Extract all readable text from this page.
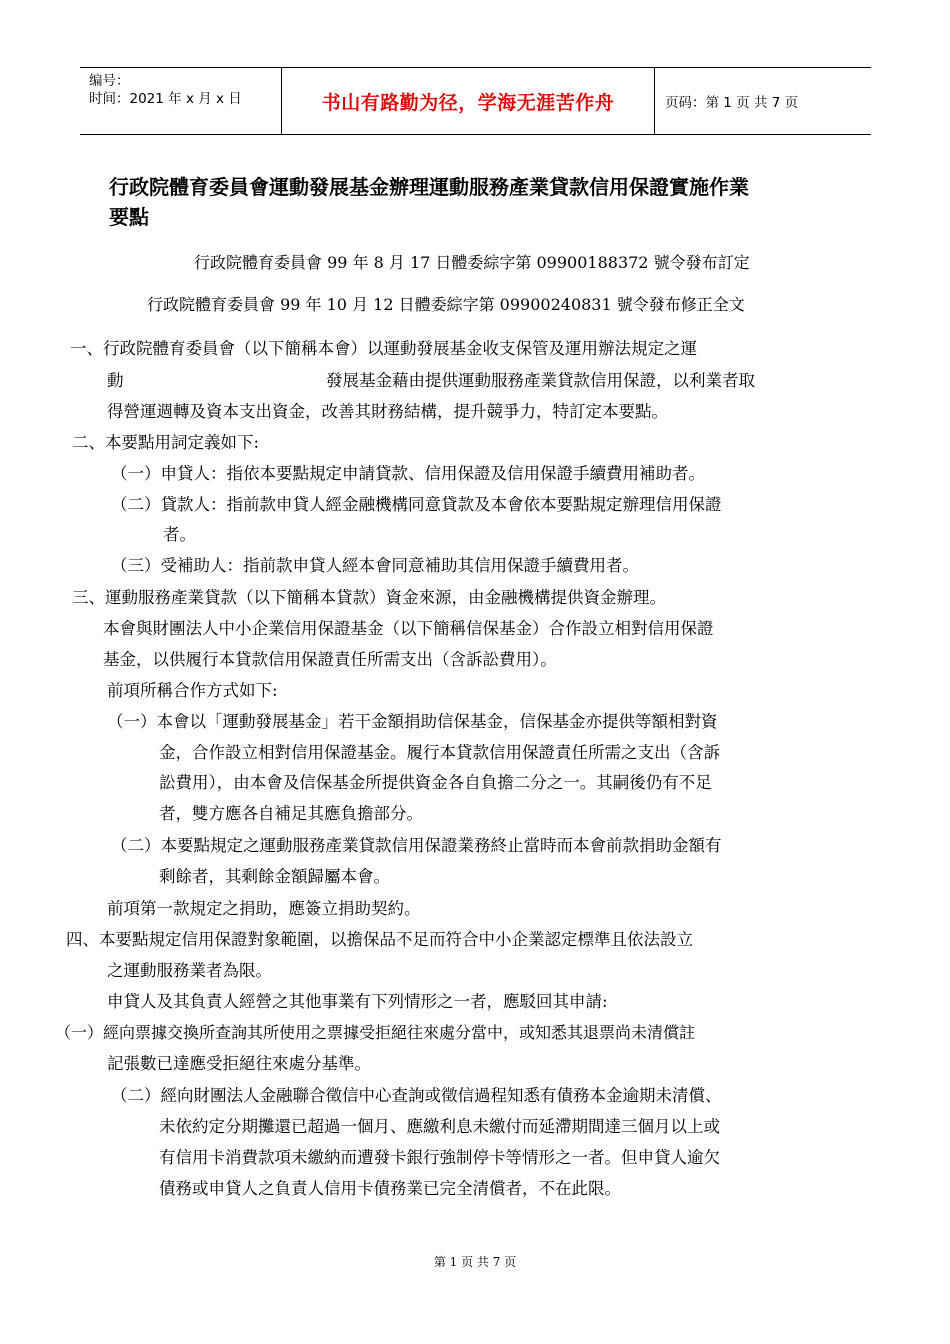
编号：
时间：2021 年 x 月 x 日	书山有路勤为径，学海无涯苦作舟	页码：第 1 页 共 7 页
行政院體育委員會運動發展基金辦理運動服務產業貸款信用保證實施作業
要點
行政院體育委員會 99 年 8 月 17 日體委綜字第 09900188372 號令發布訂定
行政院體育委員會 99 年 10 月 12 日體委綜字第 09900240831 號令發布修正全文
一、行政院體育委員會（以下簡稱本會）以運動發展基金收支保管及運用辦法規定之運
動	發展基金藉由提供運動服務產業貸款信用保證，以利業者取
得營運週轉及資本支出資金，改善其財務結構，提升競爭力，特訂定本要點。
二、本要點用詞定義如下:
（一）申貸人：指依本要點規定申請貸款、信用保證及信用保證手續費用補助者。
（二）貸款人：指前款申貸人經金融機構同意貸款及本會依本要點規定辦理信用保證
者。
（三）受補助人：指前款申貸人經本會同意補助其信用保證手續費用者。
三、運動服務產業貸款（以下簡稱本貸款）資金來源，由金融機構提供資金辦理。
本會與財團法人中小企業信用保證基金（以下簡稱信保基金）合作設立相對信用保證
基金，以供履行本貸款信用保證責任所需支出（含訴訟費用）。
前項所稱合作方式如下:
（一）本會以「運動發展基金」若干金額捐助信保基金，信保基金亦提供等額相對資
金，合作設立相對信用保證基金。履行本貸款信用保證責任所需之支出（含訴
訟費用），由本會及信保基金所提供資金各自負擔二分之一。其嗣後仍有不足
者，雙方應各自補足其應負擔部分。
（二）本要點規定之運動服務產業貸款信用保證業務終止當時而本會前款捐助金額有
剩餘者，其剩餘金額歸屬本會。
前項第一款規定之捐助，應簽立捐助契約。
四、本要點規定信用保證對象範圍，以擔保品不足而符合中小企業認定標準且依法設立
之運動服務業者為限。
申貸人及其負責人經營之其他事業有下列情形之一者，應駁回其申請:
（一）經向票據交換所查詢其所使用之票據受拒絕往來處分當中，或知悉其退票尚未清償註
記張數已達應受拒絕往來處分基準。
（二）經向財團法人金融聯合徵信中心查詢或徵信過程知悉有債務本金逾期未清償、
未依約定分期攤還已超過一個月、應繳利息未繳付而延滯期間達三個月以上或
有信用卡消費款項未繳納而遭發卡銀行強制停卡等情形之一者。但申貸人逾欠
債務或申貸人之負責人信用卡債務業已完全清償者，不在此限。
第 1 页 共 7 页
